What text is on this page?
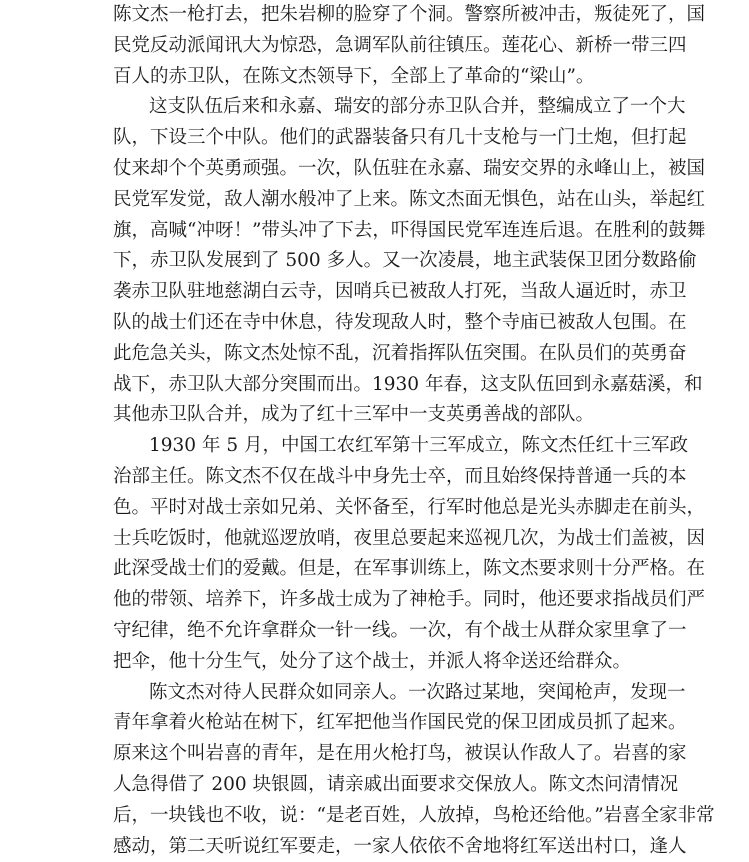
陈文杰一枪打去，把朱岩柳的脸穿了个洞。警察所被冲击，叛徒死了，国
民党反动派闻讯大为惊恐，急调军队前往镇压。莲花心、新桥一带三四
百人的赤卫队，在陈文杰领导下，全部上了革命的“梁山”。
这支队伍后来和永嘉、瑞安的部分赤卫队合并，整编成立了一个大
队，下设三个中队。他们的武器装备只有几十支枪与一门土炮，但打起
仗来却个个英勇顽强。一次，队伍驻在永嘉、瑞安交界的永峰山上，被国
民党军发觉，敌人潮水般冲了上来。陈文杰面无惧色，站在山头，举起红
旗，高喊“冲呀！”带头冲了下去，吓得国民党军连连后退。在胜利的鼓舞
下，赤卫队发展到了 500 多人。又一次凌晨，地主武装保卫团分数路偷
袭赤卫队驻地慈湖白云寺，因哨兵已被敌人打死，当敌人逼近时，赤卫
队的战士们还在寺中休息，待发现敌人时，整个寺庙已被敌人包围。在
此危急关头，陈文杰处惊不乱，沉着指挥队伍突围。在队员们的英勇奋
战下，赤卫队大部分突围而出。1930 年春，这支队伍回到永嘉菇溪，和
其他赤卫队合并，成为了红十三军中一支英勇善战的部队。
1930 年 5 月，中国工农红军第十三军成立，陈文杰任红十三军政
治部主任。陈文杰不仅在战斗中身先士卒，而且始终保持普通一兵的本
色。平时对战士亲如兄弟、关怀备至，行军时他总是光头赤脚走在前头，
士兵吃饭时，他就巡逻放哨，夜里总要起来巡视几次，为战士们盖被，因
此深受战士们的爱戴。但是，在军事训练上，陈文杰要求则十分严格。在
他的带领、培养下，许多战士成为了神枪手。同时，他还要求指战员们严
守纪律，绝不允许拿群众一针一线。一次，有个战士从群众家里拿了一
把伞，他十分生气，处分了这个战士，并派人将伞送还给群众。
陈文杰对待人民群众如同亲人。一次路过某地，突闻枪声，发现一
青年拿着火枪站在树下，红军把他当作国民党的保卫团成员抓了起来。
原来这个叫岩喜的青年，是在用火枪打鸟，被误认作敌人了。岩喜的家
人急得借了 200 块银圆，请亲戚出面要求交保放人。陈文杰问清情况
后，一块钱也不收，说：“是老百姓，人放掉，鸟枪还给他。”岩喜全家非常
感动，第二天听说红军要走，一家人依依不舍地将红军送出村口，逢人
